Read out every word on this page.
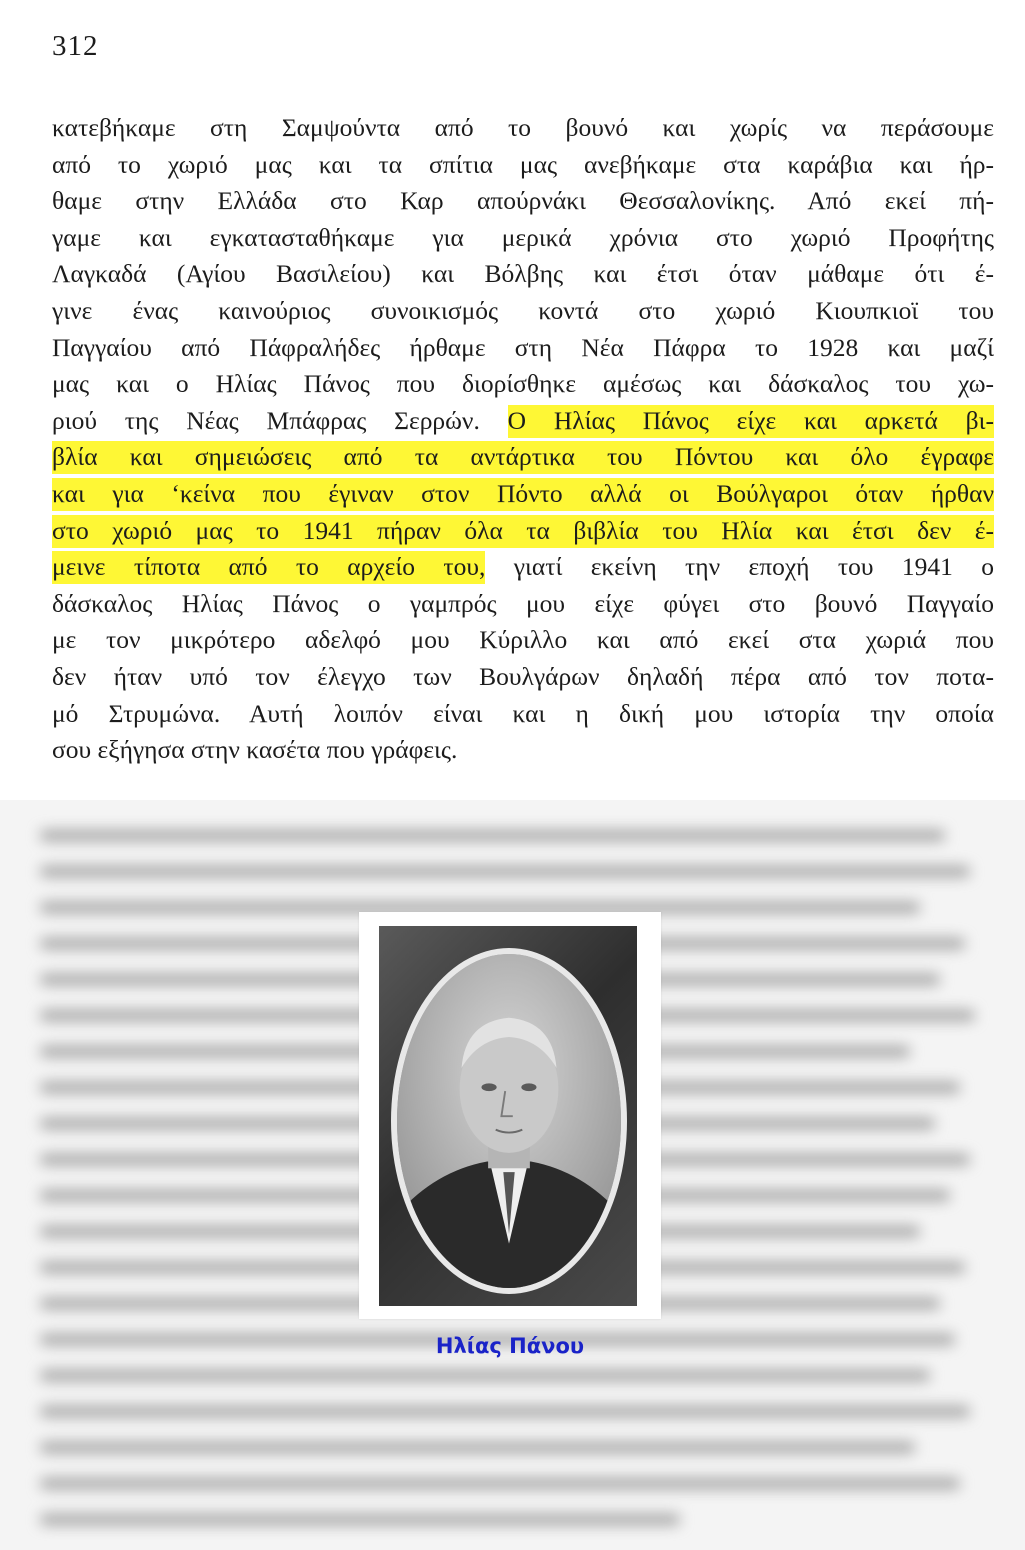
312
κατεβήκαμε στη Σαμψούντα από το βουνό και χωρίς να περάσουμε
από το χωριό μας και τα σπίτια μας ανεβήκαμε στα καράβια και ήρ-
θαμε στην Ελλάδα στο Καρ απούρνάκι Θεσσαλονίκης. Από εκεί πή-
γαμε και εγκατασταθήκαμε για μερικά χρόνια στο χωριό Προφήτης
Λαγκαδά (Αγίου Βασιλείου) και Βόλβης και έτσι όταν μάθαμε ότι έ-
γινε ένας καινούριος συνοικισμός κοντά στο χωριό Κιουπκιοϊ του
Παγγαίου από Πάφραλήδες ήρθαμε στη Νέα Πάφρα το 1928 και μαζί
μας και ο Ηλίας Πάνος που διορίσθηκε αμέσως και δάσκαλος του χω-
ριού της Νέας Μπάφρας Σερρών. Ο Ηλίας Πάνος είχε και αρκετά βι-
βλία και σημειώσεις από τα αντάρτικα του Πόντου και όλο έγραφε
και για ‘κείνα που έγιναν στον Πόντο αλλά οι Βούλγαροι όταν ήρθαν
στο χωριό μας το 1941 πήραν όλα τα βιβλία του Ηλία και έτσι δεν έ-
μεινε τίποτα από το αρχείο του, γιατί εκείνη την εποχή του 1941 ο
δάσκαλος Ηλίας Πάνος ο γαμπρός μου είχε φύγει στο βουνό Παγγαίο
με τον μικρότερο αδελφό μου Κύριλλο και από εκεί στα χωριά που
δεν ήταν υπό τον έλεγχο των Βουλγάρων δηλαδή πέρα από τον ποτα-
μό Στρυμώνα. Αυτή λοιπόν είναι και η δική μου ιστορία την οποία
σου εξήγησα στην κασέτα που γράφεις.
Ηλίας Πάνου
